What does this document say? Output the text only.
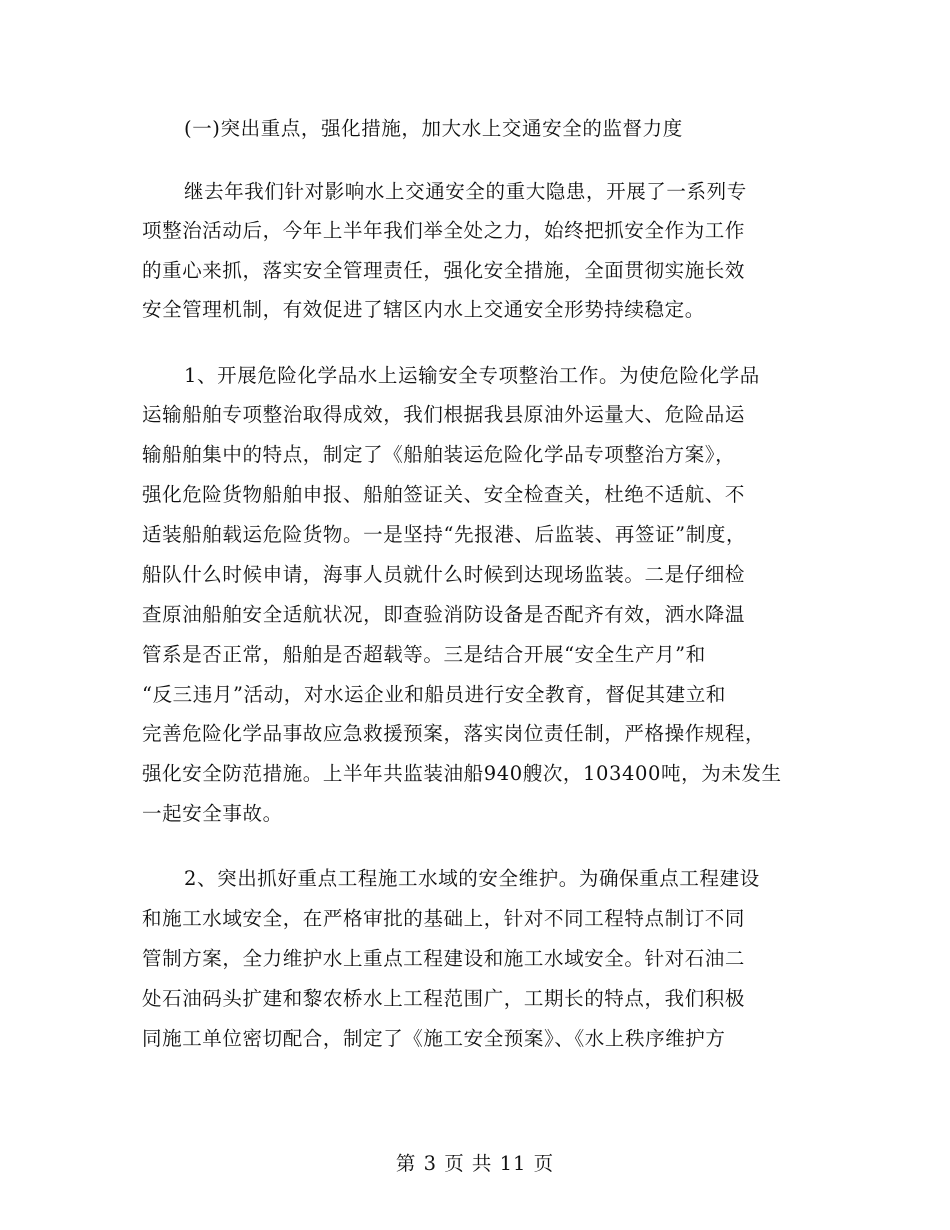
(一)突出重点，强化措施，加大水上交通安全的监督力度
继去年我们针对影响水上交通安全的重大隐患，开展了一系列专
项整治活动后，今年上半年我们举全处之力，始终把抓安全作为工作
的重心来抓，落实安全管理责任，强化安全措施，全面贯彻实施长效
安全管理机制，有效促进了辖区内水上交通安全形势持续稳定。
1、开展危险化学品水上运输安全专项整治工作。为使危险化学品
运输船舶专项整治取得成效，我们根据我县原油外运量大、危险品运
输船舶集中的特点，制定了《船舶装运危险化学品专项整治方案》，
强化危险货物船舶申报、船舶签证关、安全检查关，杜绝不适航、不
适装船舶载运危险货物。一是坚持“先报港、后监装、再签证”制度，
船队什么时候申请，海事人员就什么时候到达现场监装。二是仔细检
查原油船舶安全适航状况，即查验消防设备是否配齐有效，洒水降温
管系是否正常，船舶是否超载等。三是结合开展“安全生产月”和
“反三违月”活动，对水运企业和船员进行安全教育，督促其建立和
完善危险化学品事故应急救援预案，落实岗位责任制，严格操作规程，
强化安全防范措施。上半年共监装油船940艘次，103400吨，为未发生
一起安全事故。
2、突出抓好重点工程施工水域的安全维护。为确保重点工程建设
和施工水域安全，在严格审批的基础上，针对不同工程特点制订不同
管制方案，全力维护水上重点工程建设和施工水域安全。针对石油二
处石油码头扩建和黎农桥水上工程范围广，工期长的特点，我们积极
同施工单位密切配合，制定了《施工安全预案》、《水上秩序维护方
第 3 页 共 11 页
